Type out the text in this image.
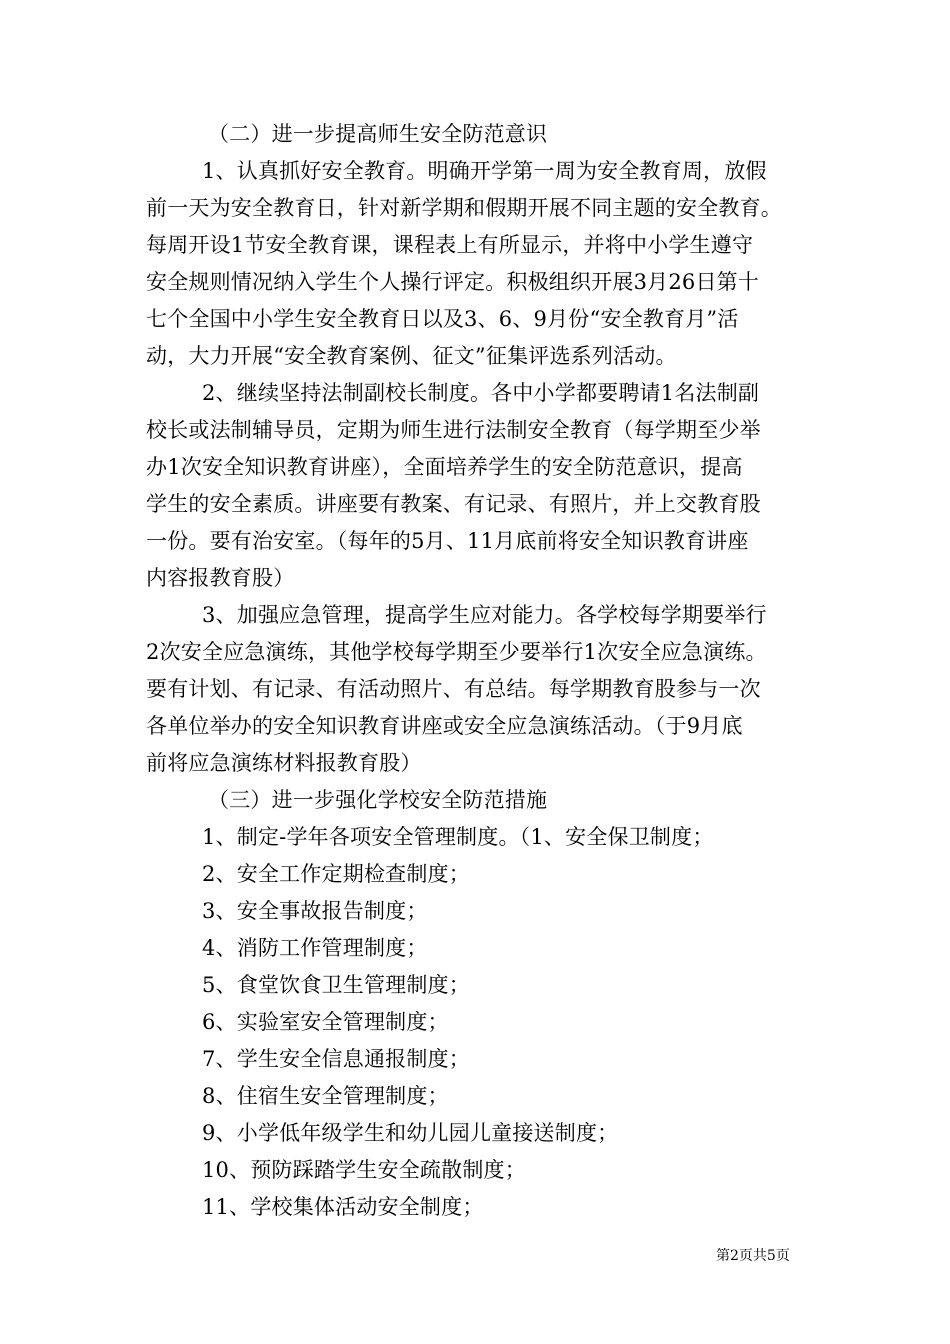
（二）进一步提高师生安全防范意识
1、认真抓好安全教育。明确开学第一周为安全教育周，放假
前一天为安全教育日，针对新学期和假期开展不同主题的安全教育。
每周开设1节安全教育课，课程表上有所显示，并将中小学生遵守
安全规则情况纳入学生个人操行评定。积极组织开展3月26日第十
七个全国中小学生安全教育日以及3、6、9月份“安全教育月”活
动，大力开展“安全教育案例、征文”征集评选系列活动。
2、继续坚持法制副校长制度。各中小学都要聘请1名法制副
校长或法制辅导员，定期为师生进行法制安全教育（每学期至少举
办1次安全知识教育讲座），全面培养学生的安全防范意识，提高
学生的安全素质。讲座要有教案、有记录、有照片，并上交教育股
一份。要有治安室。（每年的5月、11月底前将安全知识教育讲座
内容报教育股）
3、加强应急管理，提高学生应对能力。各学校每学期要举行
2次安全应急演练，其他学校每学期至少要举行1次安全应急演练。
要有计划、有记录、有活动照片、有总结。每学期教育股参与一次
各单位举办的安全知识教育讲座或安全应急演练活动。（于9月底
前将应急演练材料报教育股）
（三）进一步强化学校安全防范措施
1、制定-学年各项安全管理制度。（1、安全保卫制度；
2、安全工作定期检查制度；
3、安全事故报告制度；
4、消防工作管理制度；
5、食堂饮食卫生管理制度；
6、实验室安全管理制度；
7、学生安全信息通报制度；
8、住宿生安全管理制度；
9、小学低年级学生和幼儿园儿童接送制度；
10、预防踩踏学生安全疏散制度；
11、学校集体活动安全制度；
第2页共5页
